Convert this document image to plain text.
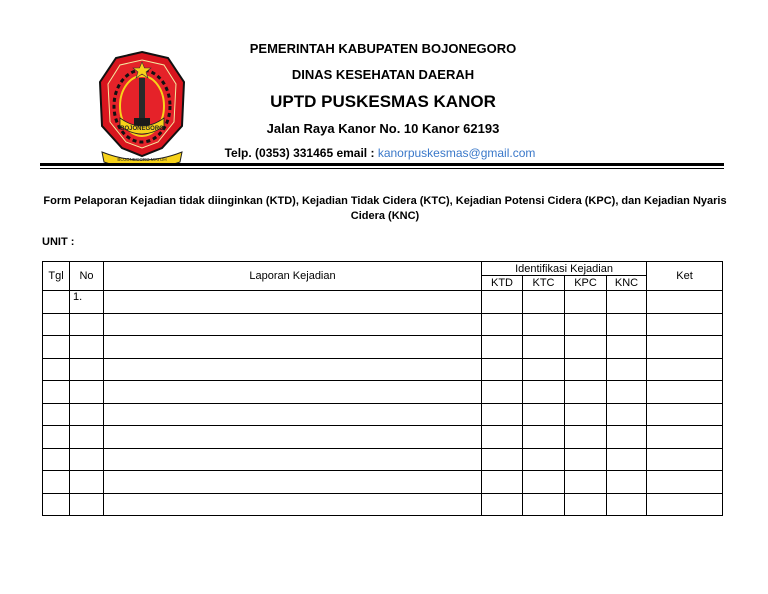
BOJONEGORO
BOJONEGORO MATOH
PEMERINTAH KABUPATEN BOJONEGORO
DINAS KESEHATAN DAERAH
UPTD PUSKESMAS KANOR
Jalan Raya Kanor No. 10 Kanor 62193
Telp. (0353) 331465 email : kanorpuskesmas@gmail.com
Form Pelaporan Kejadian tidak diinginkan (KTD), Kejadian Tidak Cidera (KTC), Kejadian Potensi Cidera (KPC), dan Kejadian Nyaris Cidera (KNC)
UNIT :
Tgl	No	Laporan Kejadian	Identifikasi Kejadian				Ket
			KTD	KTC	KPC	KNC	
	1.						
